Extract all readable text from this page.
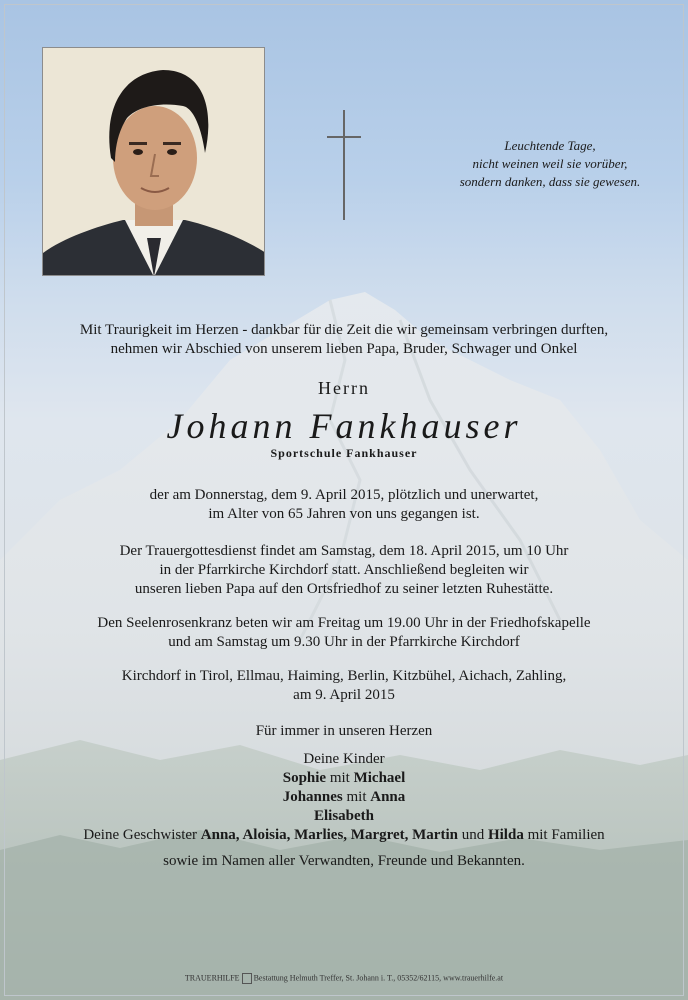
Leuchtende Tage,
nicht weinen weil sie vorüber,
sondern danken, dass sie gewesen.
Mit Traurigkeit im Herzen - dankbar für die Zeit die wir gemeinsam verbringen durften,
nehmen wir Abschied von unserem lieben Papa, Bruder, Schwager und Onkel
Herrn
Johann Fankhauser
Sportschule Fankhauser
der am Donnerstag, dem 9. April 2015, plötzlich und unerwartet,
im Alter von 65 Jahren von uns gegangen ist.
Der Trauergottesdienst findet am Samstag, dem 18. April 2015, um 10 Uhr
in der Pfarrkirche Kirchdorf statt. Anschließend begleiten wir
unseren lieben Papa auf den Ortsfriedhof zu seiner letzten Ruhestätte.
Den Seelenrosenkranz beten wir am Freitag um 19.00 Uhr in der Friedhofskapelle
und am Samstag um 9.30 Uhr in der Pfarrkirche Kirchdorf
Kirchdorf in Tirol, Ellmau, Haiming, Berlin, Kitzbühel, Aichach, Zahling,
am 9. April 2015
Für immer in unseren Herzen
Deine Kinder
Sophie mit Michael
Johannes mit Anna
Elisabeth
Deine Geschwister Anna, Aloisia, Marlies, Margret, Martin und Hilda mit Familien
sowie im Namen aller Verwandten, Freunde und Bekannten.
TRAUERHILFE Bestattung Helmuth Treffer, St. Johann i. T., 05352/62115, www.trauerhilfe.at
